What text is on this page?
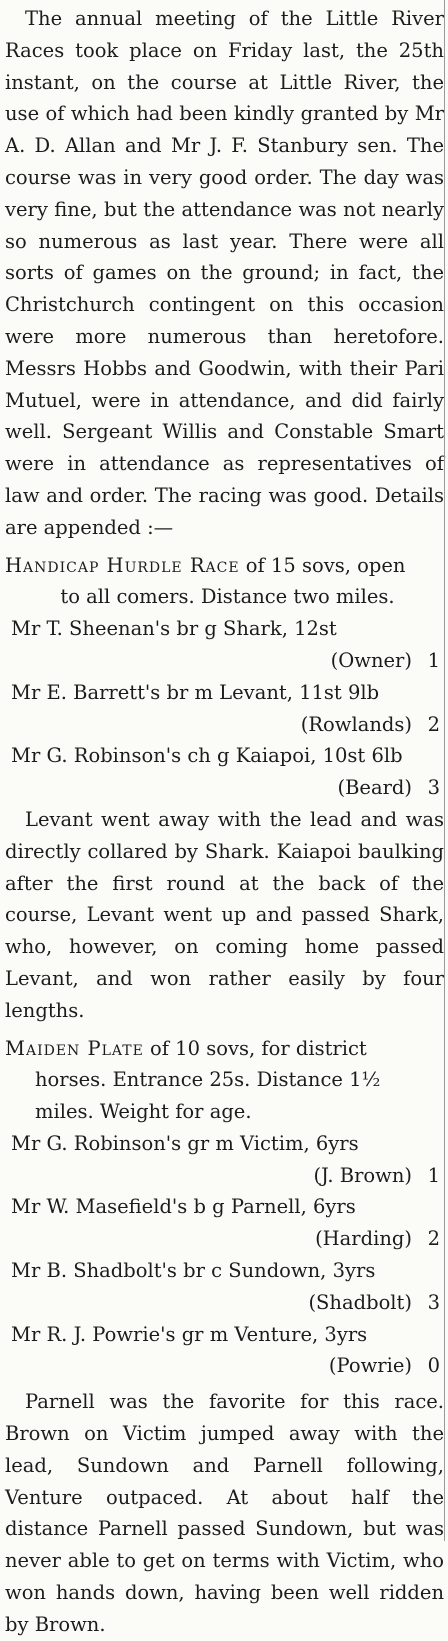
The annual meeting of the Little River Races took place on Friday last, the 25th instant, on the course at Little River, the use of which had been kindly granted by Mr A. D. Allan and Mr J. F. Stanbury sen. The course was in very good order. The day was very fine, but the attendance was not nearly so numerous as last year. There were all sorts of games on the ground; in fact, the Christchurch contingent on this occasion were more numerous than heretofore. Messrs Hobbs and Goodwin, with their Pari Mutuel, were in attendance, and did fairly well. Sergeant Willis and Constable Smart were in attendance as representatives of law and order. The racing was good. Details are appended :—

Handicap Hurdle Race of 15 sovs, open
to all comers. Distance two miles.
Mr T. Sheenan's br g Shark, 12st
(Owner) 1
Mr E. Barrett's br m Levant, 11st 9lb
(Rowlands) 2
Mr G. Robinson's ch g Kaiapoi, 10st 6lb
(Beard) 3

Levant went away with the lead and was directly collared by Shark. Kaiapoi baulking after the first round at the back of the course, Levant went up and passed Shark, who, however, on coming home passed Levant, and won rather easily by four lengths.

Maiden Plate of 10 sovs, for district
horses. Entrance 25s. Distance 1½
miles. Weight for age.
Mr G. Robinson's gr m Victim, 6yrs
(J. Brown) 1
Mr W. Masefield's b g Parnell, 6yrs
(Harding) 2
Mr B. Shadbolt's br c Sundown, 3yrs
(Shadbolt) 3
Mr R. J. Powrie's gr m Venture, 3yrs
(Powrie) 0

Parnell was the favorite for this race. Brown on Victim jumped away with the lead, Sundown and Parnell following, Venture outpaced. At about half the distance Parnell passed Sundown, but was never able to get on terms with Victim, who won hands down, having been well ridden by Brown.
